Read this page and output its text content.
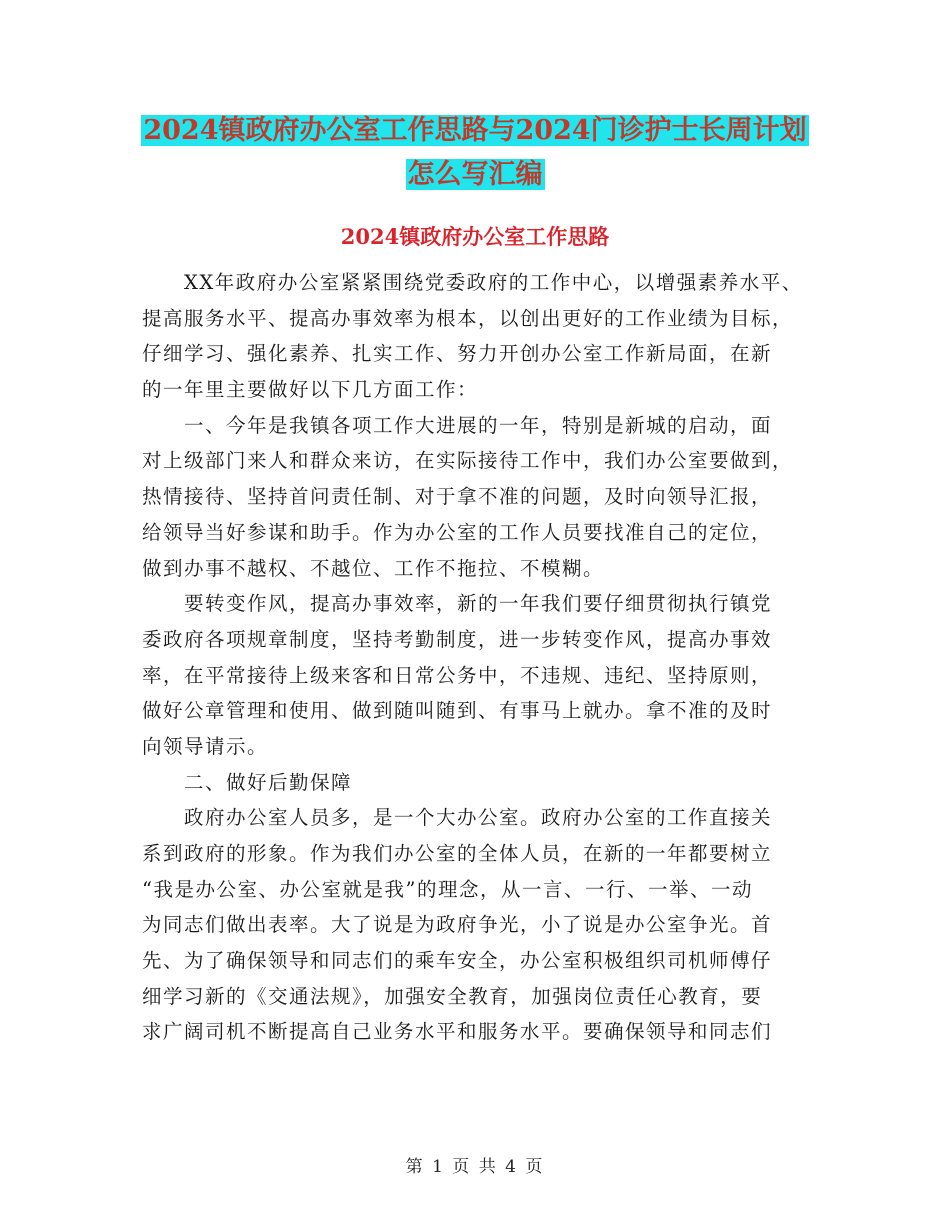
2024镇政府办公室工作思路与2024门诊护士长周计划
怎么写汇编
2024镇政府办公室工作思路
　　XX年政府办公室紧紧围绕党委政府的工作中心，以增强素养水平、
提高服务水平、提高办事效率为根本，以创出更好的工作业绩为目标，
仔细学习、强化素养、扎实工作、努力开创办公室工作新局面，在新
的一年里主要做好以下几方面工作：
　　一、今年是我镇各项工作大进展的一年，特别是新城的启动，面
对上级部门来人和群众来访，在实际接待工作中，我们办公室要做到，
热情接待、坚持首问责任制、对于拿不准的问题，及时向领导汇报，
给领导当好参谋和助手。作为办公室的工作人员要找准自己的定位，
做到办事不越权、不越位、工作不拖拉、不模糊。
　　要转变作风，提高办事效率，新的一年我们要仔细贯彻执行镇党
委政府各项规章制度，坚持考勤制度，进一步转变作风，提高办事效
率，在平常接待上级来客和日常公务中，不违规、违纪、坚持原则，
做好公章管理和使用、做到随叫随到、有事马上就办。拿不准的及时
向领导请示。
　　二、做好后勤保障
　　政府办公室人员多，是一个大办公室。政府办公室的工作直接关
系到政府的形象。作为我们办公室的全体人员，在新的一年都要树立
“我是办公室、办公室就是我”的理念，从一言、一行、一举、一动
为同志们做出表率。大了说是为政府争光，小了说是办公室争光。首
先、为了确保领导和同志们的乘车安全，办公室积极组织司机师傅仔
细学习新的《交通法规》，加强安全教育，加强岗位责任心教育，要
求广阔司机不断提高自己业务水平和服务水平。要确保领导和同志们
第 1 页 共 4 页
